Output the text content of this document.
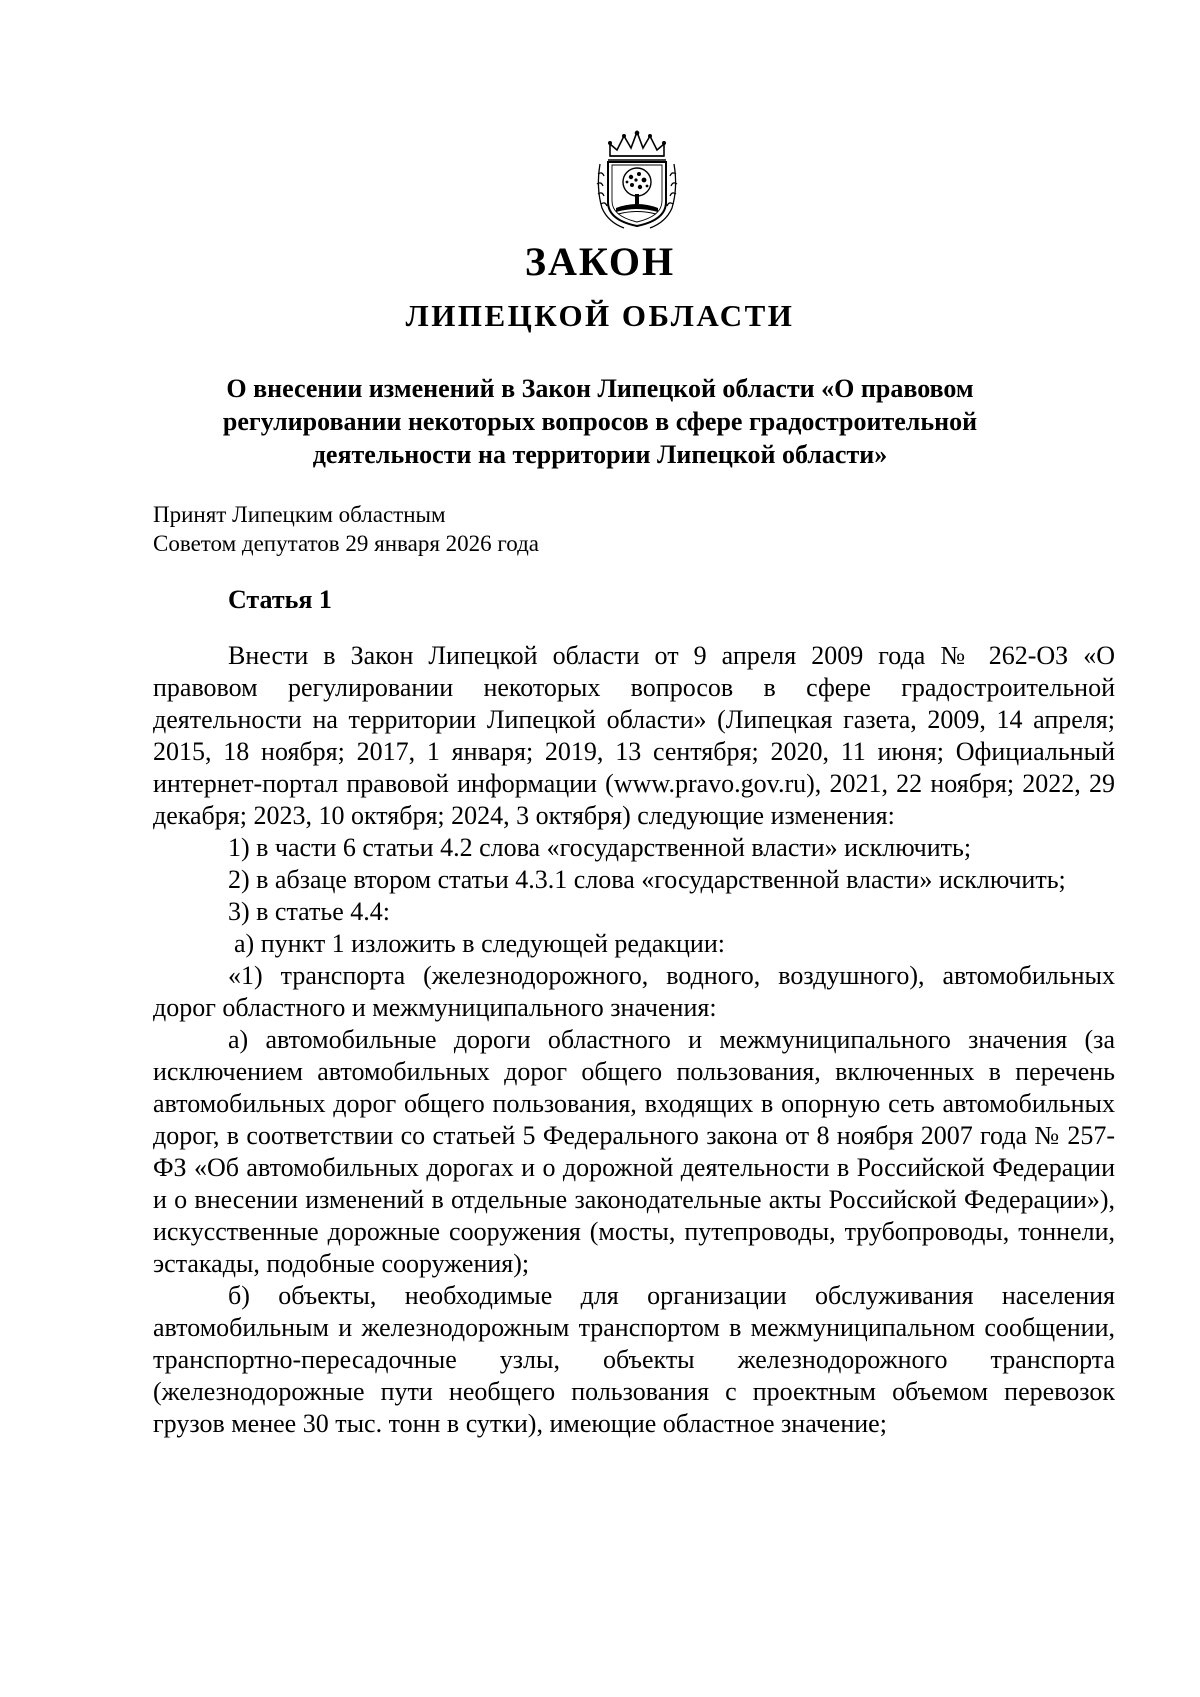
ЗАКОН
ЛИПЕЦКОЙ ОБЛАСТИ
О внесении изменений в Закон Липецкой области «О правовом регулировании некоторых вопросов в сфере градостроительной деятельности на территории Липецкой области»
Принят Липецким областным
Советом депутатов 29 января 2026 года
Статья 1

Внести в Закон Липецкой области от 9 апреля 2009 года № 262-ОЗ «О правовом регулировании некоторых вопросов в сфере градостроительной деятельности на территории Липецкой области» (Липецкая газета, 2009, 14 апреля; 2015, 18 ноября; 2017, 1 января; 2019, 13 сентября; 2020, 11 июня; Официальный интернет-портал правовой информации (www.pravo.gov.ru), 2021, 22 ноября; 2022, 29 декабря; 2023, 10 октября; 2024, 3 октября) следующие изменения:

1) в части 6 статьи 4.2 слова «государственной власти» исключить;

2) в абзаце втором статьи 4.3.1 слова «государственной власти» исключить;

3) в статье 4.4:

а) пункт 1 изложить в следующей редакции:

«1) транспорта (железнодорожного, водного, воздушного), автомобильных дорог областного и межмуниципального значения:

а) автомобильные дороги областного и межмуниципального значения (за исключением автомобильных дорог общего пользования, включенных в перечень автомобильных дорог общего пользования, входящих в опорную сеть автомобильных дорог, в соответствии со статьей 5 Федерального закона от 8 ноября 2007 года № 257-ФЗ «Об автомобильных дорогах и о дорожной деятельности в Российской Федерации и о внесении изменений в отдельные законодательные акты Российской Федерации»), искусственные дорожные сооружения (мосты, путепроводы, трубопроводы, тоннели, эстакады, подобные сооружения);

б) объекты, необходимые для организации обслуживания населения автомобильным и железнодорожным транспортом в межмуниципальном сообщении, транспортно-пересадочные узлы, объекты железнодорожного транспорта (железнодорожные пути необщего пользования с проектным объемом перевозок грузов менее 30 тыс. тонн в сутки), имеющие областное значение;
